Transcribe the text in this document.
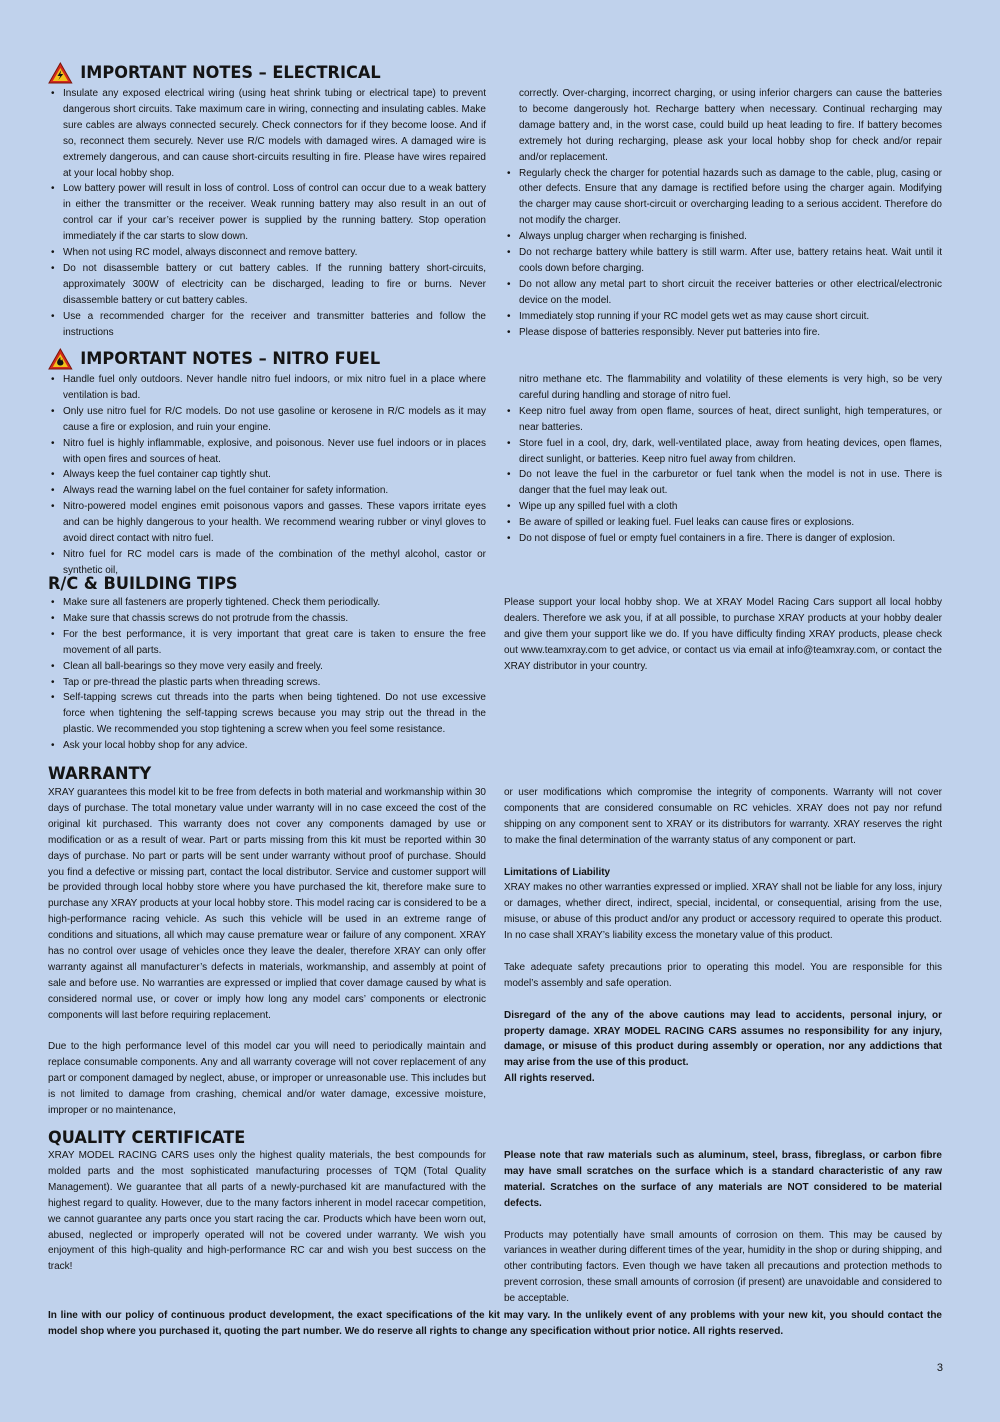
IMPORTANT NOTES – ELECTRICAL
• Insulate any exposed electrical wiring (using heat shrink tubing or electrical tape) to prevent dangerous short circuits. Take maximum care in wiring, connecting and insulating cables. Make sure cables are always connected securely. Check connectors for if they become loose. And if so, reconnect them securely. Never use R/C models with damaged wires. A damaged wire is extremely dangerous, and can cause short-circuits resulting in fire. Please have wires repaired at your local hobby shop.
• Low battery power will result in loss of control. Loss of control can occur due to a weak battery in either the transmitter or the receiver. Weak running battery may also result in an out of control car if your car’s receiver power is supplied by the running battery. Stop operation immediately if the car starts to slow down.
• When not using RC model, always disconnect and remove battery.
• Do not disassemble battery or cut battery cables. If the running battery short-circuits, approximately 300W of electricity can be discharged, leading to fire or burns. Never disassemble battery or cut battery cables.
• Use a recommended charger for the receiver and transmitter batteries and follow the instructions

correctly. Over-charging, incorrect charging, or using inferior chargers can cause the batteries to become dangerously hot. Recharge battery when necessary. Continual recharging may damage battery and, in the worst case, could build up heat leading to fire. If battery becomes extremely hot during recharging, please ask your local hobby shop for check and/or repair and/or replacement.

• Regularly check the charger for potential hazards such as damage to the cable, plug, casing or other defects. Ensure that any damage is rectified before using the charger again. Modifying the charger may cause short-circuit or overcharging leading to a serious accident. Therefore do not modify the charger.
• Always unplug charger when recharging is finished.
• Do not recharge battery while battery is still warm. After use, battery retains heat. Wait until it cools down before charging.
• Do not allow any metal part to short circuit the receiver batteries or other electrical/electronic device on the model.
• Immediately stop running if your RC model gets wet as may cause short circuit.
• Please dispose of batteries responsibly. Never put batteries into fire.
IMPORTANT NOTES – NITRO FUEL
• Handle fuel only outdoors. Never handle nitro fuel indoors, or mix nitro fuel in a place where ventilation is bad.
• Only use nitro fuel for R/C models. Do not use gasoline or kerosene in R/C models as it may cause a fire or explosion, and ruin your engine.
• Nitro fuel is highly inflammable, explosive, and poisonous. Never use fuel indoors or in places with open fires and sources of heat.
• Always keep the fuel container cap tightly shut.
• Always read the warning label on the fuel container for safety information.
• Nitro-powered model engines emit poisonous vapors and gasses. These vapors irritate eyes and can be highly dangerous to your health. We recommend wearing rubber or vinyl gloves to avoid direct contact with nitro fuel.
• Nitro fuel for RC model cars is made of the combination of the methyl alcohol, castor or synthetic oil,

nitro methane etc. The flammability and volatility of these elements is very high, so be very careful during handling and storage of nitro fuel.

• Keep nitro fuel away from open flame, sources of heat, direct sunlight, high temperatures, or near batteries.
• Store fuel in a cool, dry, dark, well-ventilated place, away from heating devices, open flames, direct sunlight, or batteries. Keep nitro fuel away from children.
• Do not leave the fuel in the carburetor or fuel tank when the model is not in use. There is danger that the fuel may leak out.
• Wipe up any spilled fuel with a cloth
• Be aware of spilled or leaking fuel. Fuel leaks can cause fires or explosions.
• Do not dispose of fuel or empty fuel containers in a fire. There is danger of explosion.
R/C & BUILDING TIPS
• Make sure all fasteners are properly tightened. Check them periodically.
• Make sure that chassis screws do not protrude from the chassis.
• For the best performance, it is very important that great care is taken to ensure the free movement of all parts.
• Clean all ball-bearings so they move very easily and freely.
• Tap or pre-thread the plastic parts when threading screws.
• Self-tapping screws cut threads into the parts when being tightened. Do not use excessive force when tightening the self-tapping screws because you may strip out the thread in the plastic. We recommended you stop tightening a screw when you feel some resistance.
• Ask your local hobby shop for any advice.

Please support your local hobby shop. We at XRAY Model Racing Cars support all local hobby dealers. Therefore we ask you, if at all possible, to purchase XRAY products at your hobby dealer and give them your support like we do. If you have difficulty finding XRAY products, please check out www.teamxray.com to get advice, or contact us via email at info@teamxray.com, or contact the XRAY distributor in your country.

WARRANTY

XRAY guarantees this model kit to be free from defects in both material and workmanship within 30 days of purchase. The total monetary value under warranty will in no case exceed the cost of the original kit purchased. This warranty does not cover any components damaged by use or modification or as a result of wear. Part or parts missing from this kit must be reported within 30 days of purchase. No part or parts will be sent under warranty without proof of purchase. Should you find a defective or missing part, contact the local distributor. Service and customer support will be provided through local hobby store where you have purchased the kit, therefore make sure to purchase any XRAY products at your local hobby store. This model racing car is considered to be a high-performance racing vehicle. As such this vehicle will be used in an extreme range of conditions and situations, all which may cause premature wear or failure of any component. XRAY has no control over usage of vehicles once they leave the dealer, therefore XRAY can only offer warranty against all manufacturer’s defects in materials, workmanship, and assembly at point of sale and before use. No warranties are expressed or implied that cover damage caused by what is considered normal use, or cover or imply how long any model cars’ components or electronic components will last before requiring replacement.

Due to the high performance level of this model car you will need to periodically maintain and replace consumable components. Any and all warranty coverage will not cover replacement of any part or component damaged by neglect, abuse, or improper or unreasonable use. This includes but is not limited to damage from crashing, chemical and/or water damage, excessive moisture, improper or no maintenance,

or user modifications which compromise the integrity of components. Warranty will not cover components that are considered consumable on RC vehicles. XRAY does not pay nor refund shipping on any component sent to XRAY or its distributors for warranty. XRAY reserves the right to make the final determination of the warranty status of any component or part.

Limitations of Liability

XRAY makes no other warranties expressed or implied. XRAY shall not be liable for any loss, injury or damages, whether direct, indirect, special, incidental, or consequential, arising from the use, misuse, or abuse of this product and/or any product or accessory required to operate this product. In no case shall XRAY’s liability excess the monetary value of this product.

Take adequate safety precautions prior to operating this model. You are responsible for this model’s assembly and safe operation.

Disregard of the any of the above cautions may lead to accidents, personal injury, or property damage. XRAY MODEL RACING CARS assumes no responsibility for any injury, damage, or misuse of this product during assembly or operation, nor any addictions that may arise from the use of this product.

All rights reserved.

QUALITY CERTIFICATE

XRAY MODEL RACING CARS uses only the highest quality materials, the best compounds for molded parts and the most sophisticated manufacturing processes of TQM (Total Quality Management). We guarantee that all parts of a newly-purchased kit are manufactured with the highest regard to quality. However, due to the many factors inherent in model racecar competition, we cannot guarantee any parts once you start racing the car. Products which have been worn out, abused, neglected or improperly operated will not be covered under warranty. We wish you enjoyment of this high-quality and high-performance RC car and wish you best success on the track!

Please note that raw materials such as aluminum, steel, brass, fibreglass, or carbon fibre may have small scratches on the surface which is a standard characteristic of any raw material. Scratches on the surface of any materials are NOT considered to be material defects.

Products may potentially have small amounts of corrosion on them. This may be caused by variances in weather during different times of the year, humidity in the shop or during shipping, and other contributing factors. Even though we have taken all precautions and protection methods to prevent corrosion, these small amounts of corrosion (if present) are unavoidable and considered to be acceptable.

In line with our policy of continuous product development, the exact specifications of the kit may vary. In the unlikely event of any problems with your new kit, you should contact the model shop where you purchased it, quoting the part number. We do reserve all rights to change any specification without prior notice. All rights reserved.

3
